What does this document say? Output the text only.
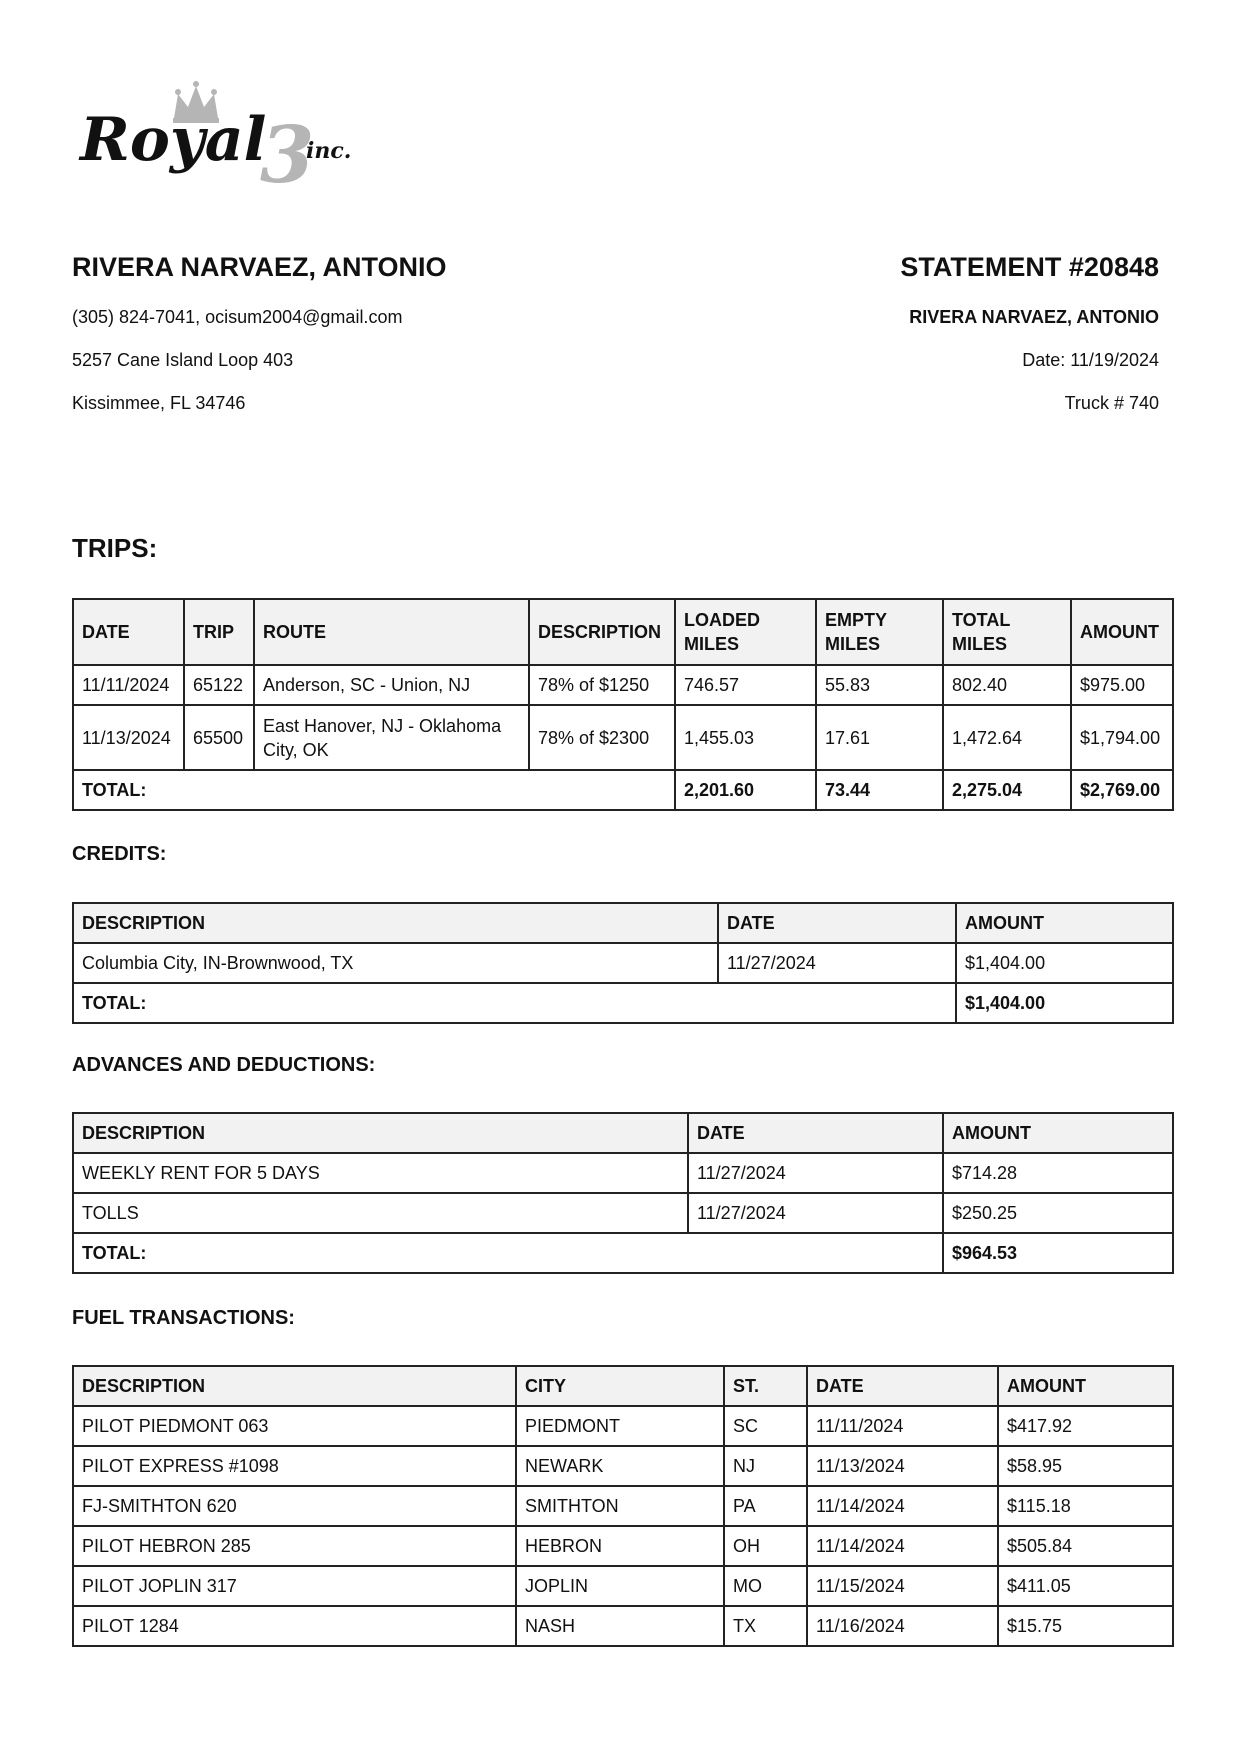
Royal
3
inc.
RIVERA NARVAEZ, ANTONIO
(305) 824-7041, ocisum2004@gmail.com
5257 Cane Island Loop 403
Kissimmee, FL 34746
STATEMENT #20848
RIVERA NARVAEZ, ANTONIO
Date: 11/19/2024
Truck # 740
TRIPS:
DATE	TRIP	ROUTE	DESCRIPTION	LOADED MILES	EMPTY MILES	TOTAL MILES	AMOUNT
11/11/2024	65122	Anderson, SC - Union, NJ	78% of $1250	746.57	55.83	802.40	$975.00
11/13/2024	65500	East Hanover, NJ - Oklahoma City, OK	78% of $2300	1,455.03	17.61	1,472.64	$1,794.00
TOTAL:				2,201.60	73.44	2,275.04	$2,769.00
CREDITS:
DESCRIPTION	DATE	AMOUNT
Columbia City, IN-Brownwood, TX	11/27/2024	$1,404.00
TOTAL:		$1,404.00
ADVANCES AND DEDUCTIONS:
DESCRIPTION	DATE	AMOUNT
WEEKLY RENT FOR 5 DAYS	11/27/2024	$714.28
TOLLS	11/27/2024	$250.25
TOTAL:		$964.53
FUEL TRANSACTIONS:
DESCRIPTION	CITY	ST.	DATE	AMOUNT
PILOT PIEDMONT 063	PIEDMONT	SC	11/11/2024	$417.92
PILOT EXPRESS #1098	NEWARK	NJ	11/13/2024	$58.95
FJ-SMITHTON 620	SMITHTON	PA	11/14/2024	$115.18
PILOT HEBRON 285	HEBRON	OH	11/14/2024	$505.84
PILOT JOPLIN 317	JOPLIN	MO	11/15/2024	$411.05
PILOT 1284	NASH	TX	11/16/2024	$15.75
